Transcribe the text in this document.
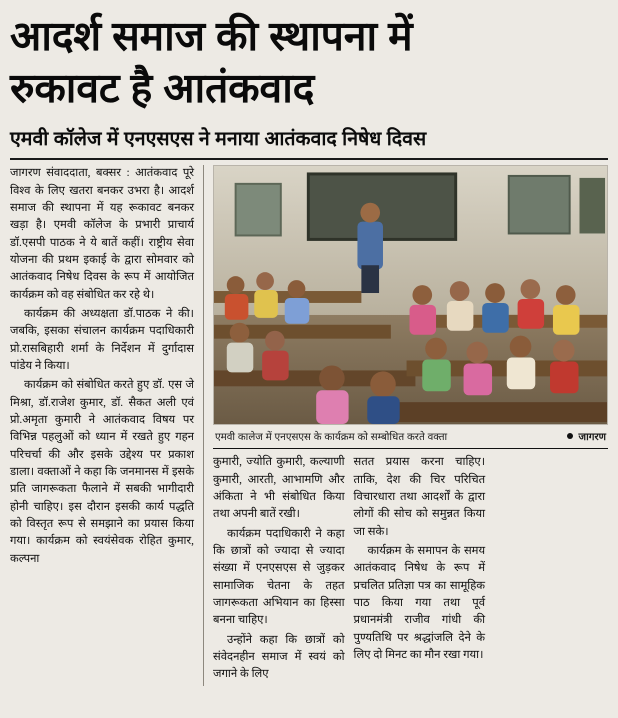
आदर्श समाज की स्थापना में
रुकावट है आतंकवाद
एमवी कॉलेज में एनएसएस ने मनाया आतंकवाद निषेध दिवस

जागरण संवाददाता, बक्सर : आतंकवाद पूरे विश्व के लिए खतरा बनकर उभरा है। आदर्श समाज की स्थापना में यह रूकावट बनकर खड़ा है। एमवी कॉलेज के प्रभारी प्राचार्य डॉ.एसपी पाठक ने ये बातें कहीं। राष्ट्रीय सेवा योजना की प्रथम इकाई के द्वारा सोमवार को आतंकवाद निषेध दिवस के रूप में आयोजित कार्यक्रम को वह संबोधित कर रहे थे।

कार्यक्रम की अध्यक्षता डॉ.पाठक ने की। जबकि, इसका संचालन कार्यक्रम पदाधिकारी प्रो.रासबिहारी शर्मा के निर्देशन में दुर्गादास पांडेय ने किया।

कार्यक्रम को संबोधित करते हुए डॉ. एस जे मिश्रा, डॉ.राजेश कुमार, डॉ. सैकत अली एवं प्रो.अमृता कुमारी ने आतंकवाद विषय पर विभिन्न पहलुओं को ध्यान में रखते हुए गहन परिचर्चा की और इसके उद्देश्य पर प्रकाश डाला। वक्ताओं ने कहा कि जनमानस में इसके प्रति जागरूकता फैलाने में सबकी भागीदारी होनी चाहिए। इस दौरान इसकी कार्य पद्धति को विस्तृत रूप से समझाने का प्रयास किया गया। कार्यक्रम को स्वयंसेवक रोहित कुमार, कल्पना

एमवी कालेज में एनएसएस के कार्यक्रम को सम्बोधित करते वक्ता	जागरण

कुमारी, ज्योति कुमारी, कल्याणी कुमारी, आरती, आभामणि और अंकिता ने भी संबोधित किया तथा अपनी बातें रखी।

कार्यक्रम पदाधिकारी ने कहा कि छात्रों को ज्यादा से ज्यादा संख्या में एनएसएस से जुड़कर सामाजिक चेतना के तहत जागरूकता अभियान का हिस्सा बनना चाहिए।

उन्होंने कहा कि छात्रों को संवेदनहीन समाज में स्वयं को जगाने के लिए

सतत प्रयास करना चाहिए। ताकि, देश की चिर परिचित विचारधारा तथा आदर्शों के द्वारा लोगों की सोच को समुन्नत किया जा सके।

कार्यक्रम के समापन के समय आतंकवाद निषेध के रूप में प्रचलित प्रतिज्ञा पत्र का सामूहिक पाठ किया गया तथा पूर्व प्रधानमंत्री राजीव गांधी की पुण्यतिथि पर श्रद्धांजलि देने के लिए दो मिनट का मौन रखा गया।
